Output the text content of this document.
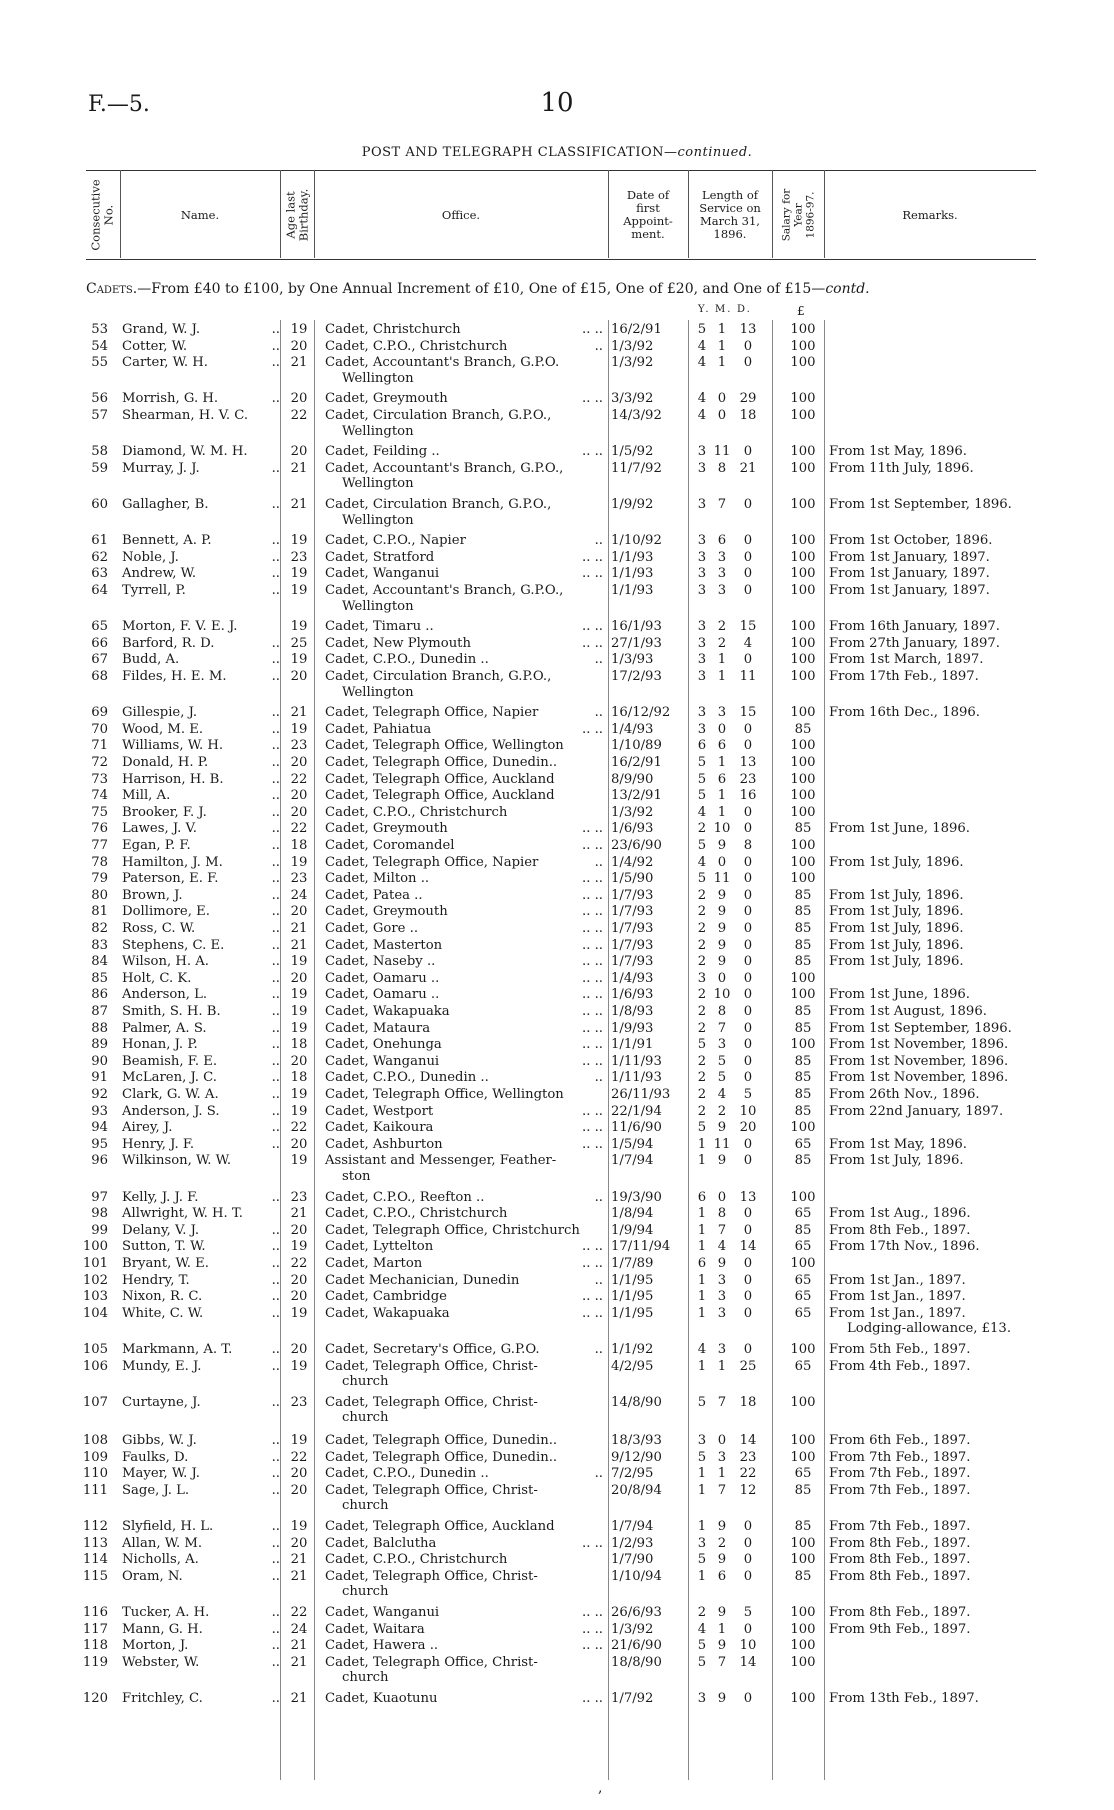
F.—5.	10
POST AND TELEGRAPH CLASSIFICATION—continued.
Consecutive
No.	Name.
Age last
Birthday.	Office.
Date of first Appoint- ment.
Length of Service on March 31, 1896.	Salary for
Year
1896-97.	Remarks.
Cadets.—From £40 to £100, by One Annual Increment of £10, One of £15, One of £20, and One of £15—contd.
Y. M. D.	£
53 Grand, W. J.	.. 19	Cadet, Christchurch	.. .. 16/2/91	5 1	13	100
54 Cotter, W.	.. 20	Cadet, C.P.O., Christchurch	.. 1/3/92	4 1	0	100
55 Carter, W. H.	.. 21	Cadet, Accountant's Branch, G.P.O.	1/3/92	4 1	0	100
Wellington
56 Morrish, G. H.	.. 20	Cadet, Greymouth	.. .. 3/3/92	4 0	29	100
57 Shearman, H. V. C.	22	Cadet, Circulation Branch, G.P.O.,	14/3/92	4 0	18	100
Wellington
58 Diamond, W. M. H.	20	Cadet, Feilding ..	.. .. 1/5/92	3 11	0	100	From 1st May, 1896.
59 Murray, J. J.	.. 21	Cadet, Accountant's Branch, G.P.O.,	11/7/92	3 8	21	100	From 11th July, 1896.
Wellington
60 Gallagher, B.	.. 21	Cadet, Circulation Branch, G.P.O.,	1/9/92	3 7	0	100	From 1st September, 1896.
Wellington
61 Bennett, A. P.	.. 19	Cadet, C.P.O., Napier	.. 1/10/92	3 6	0	100	From 1st October, 1896.
62 Noble, J.	.. 23	Cadet, Stratford	.. .. 1/1/93	3 3	0	100	From 1st January, 1897.
63 Andrew, W.	.. 19	Cadet, Wanganui	.. .. 1/1/93	3 3	0	100	From 1st January, 1897.
64 Tyrrell, P.	.. 19	Cadet, Accountant's Branch, G.P.O.,	1/1/93	3 3	0	100	From 1st January, 1897.
Wellington
65 Morton, F. V. E. J.	19	Cadet, Timaru ..	.. .. 16/1/93	3 2	15	100	From 16th January, 1897.
66 Barford, R. D.	.. 25	Cadet, New Plymouth	.. .. 27/1/93	3 2	4	100	From 27th January, 1897.
67 Budd, A.	.. 19	Cadet, C.P.O., Dunedin ..	.. 1/3/93	3 1	0	100	From 1st March, 1897.
68 Fildes, H. E. M.	.. 20	Cadet, Circulation Branch, G.P.O.,	17/2/93	3 1	11	100	From 17th Feb., 1897.
Wellington
69 Gillespie, J.	.. 21	Cadet, Telegraph Office, Napier	.. 16/12/92	3 3	15	100	From 16th Dec., 1896.
70 Wood, M. E.	.. 19	Cadet, Pahiatua	.. .. 1/4/93	3 0	0	85
71 Williams, W. H.	.. 23	Cadet, Telegraph Office, Wellington	1/10/89	6 6	0	100
72 Donald, H. P.	.. 20	Cadet, Telegraph Office, Dunedin..	16/2/91	5 1	13	100
73 Harrison, H. B.	.. 22	Cadet, Telegraph Office, Auckland	8/9/90	5 6	23	100
74 Mill, A.	.. 20	Cadet, Telegraph Office, Auckland	13/2/91	5 1	16	100
75 Brooker, F. J.	.. 20	Cadet, C.P.O., Christchurch	1/3/92	4 1	0	100
76 Lawes, J. V.	.. 22	Cadet, Greymouth	.. .. 1/6/93	2 10	0	85	From 1st June, 1896.
77 Egan, P. F.	.. 18	Cadet, Coromandel	.. .. 23/6/90	5 9	8	100
78 Hamilton, J. M.	.. 19	Cadet, Telegraph Office, Napier	.. 1/4/92	4 0	0	100	From 1st July, 1896.
79 Paterson, E. F.	.. 23	Cadet, Milton ..	.. .. 1/5/90	5 11	0	100
80 Brown, J.	.. 24	Cadet, Patea ..	.. .. 1/7/93	2 9	0	85	From 1st July, 1896.
81 Dollimore, E.	.. 20	Cadet, Greymouth	.. .. 1/7/93	2 9	0	85	From 1st July, 1896.
82 Ross, C. W.	.. 21	Cadet, Gore ..	.. .. 1/7/93	2 9	0	85	From 1st July, 1896.
83 Stephens, C. E.	.. 21	Cadet, Masterton	.. .. 1/7/93	2 9	0	85	From 1st July, 1896.
84 Wilson, H. A.	.. 19	Cadet, Naseby ..	.. .. 1/7/93	2 9	0	85	From 1st July, 1896.
85 Holt, C. K.	.. 20	Cadet, Oamaru ..	.. .. 1/4/93	3 0	0	100
86 Anderson, L.	.. 19	Cadet, Oamaru ..	.. .. 1/6/93	2 10	0	100	From 1st June, 1896.
87 Smith, S. H. B.	.. 19	Cadet, Wakapuaka	.. .. 1/8/93	2 8	0	85	From 1st August, 1896.
88 Palmer, A. S.	.. 19	Cadet, Mataura	.. .. 1/9/93	2 7	0	85	From 1st September, 1896.
89 Honan, J. P.	.. 18	Cadet, Onehunga	.. .. 1/1/91	5 3	0	100	From 1st November, 1896.
90 Beamish, F. E.	.. 20	Cadet, Wanganui	.. .. 1/11/93	2 5	0	85	From 1st November, 1896.
91 McLaren, J. C.	.. 18	Cadet, C.P.O., Dunedin ..	.. 1/11/93	2 5	0	85	From 1st November, 1896.
92 Clark, G. W. A.	.. 19	Cadet, Telegraph Office, Wellington	26/11/93	2 4	5	85	From 26th Nov., 1896.
93 Anderson, J. S.	.. 19	Cadet, Westport	.. .. 22/1/94	2 2	10	85	From 22nd January, 1897.
94 Airey, J.	.. 22	Cadet, Kaikoura	.. .. 11/6/90	5 9	20	100
95 Henry, J. F.	.. 20	Cadet, Ashburton	.. .. 1/5/94	1 11	0	65	From 1st May, 1896.
96 Wilkinson, W. W.	19	Assistant and Messenger, Feather-	1/7/94	1 9	0	85	From 1st July, 1896.
ston
97 Kelly, J. J. F.	.. 23	Cadet, C.P.O., Reefton ..	.. 19/3/90	6 0	13	100
98 Allwright, W. H. T.	21	Cadet, C.P.O., Christchurch	1/8/94	1 8	0	65	From 1st Aug., 1896.
99 Delany, V. J.	.. 20	Cadet, Telegraph Office, Christchurch	1/9/94	1 7	0	85	From 8th Feb., 1897.
100 Sutton, T. W.	.. 19	Cadet, Lyttelton	.. .. 17/11/94	1 4	14	65	From 17th Nov., 1896.
101 Bryant, W. E.	.. 22	Cadet, Marton	.. .. 1/7/89	6 9	0	100
102 Hendry, T.	.. 20	Cadet Mechanician, Dunedin	.. 1/1/95	1 3	0	65	From 1st Jan., 1897.
103 Nixon, R. C.	.. 20	Cadet, Cambridge	.. .. 1/1/95	1 3	0	65	From 1st Jan., 1897.
104 White, C. W.	.. 19	Cadet, Wakapuaka	.. .. 1/1/95	1 3	0	65	From 1st Jan., 1897.
Lodging-allowance, £13.
105 Markmann, A. T.	.. 20	Cadet, Secretary's Office, G.P.O.	.. 1/1/92	4 3	0	100	From 5th Feb., 1897.
106 Mundy, E. J.	.. 19	Cadet, Telegraph Office, Christ-	4/2/95	1 1	25	65	From 4th Feb., 1897.
church
107 Curtayne, J.	.. 23	Cadet, Telegraph Office, Christ-	14/8/90	5 7	18	100
church
108 Gibbs, W. J.	.. 19	Cadet, Telegraph Office, Dunedin..	18/3/93	3 0	14	100	From 6th Feb., 1897.
109 Faulks, D.	.. 22	Cadet, Telegraph Office, Dunedin..	9/12/90	5 3	23	100	From 7th Feb., 1897.
110 Mayer, W. J.	.. 20	Cadet, C.P.O., Dunedin ..	.. 7/2/95	1 1	22	65	From 7th Feb., 1897.
111 Sage, J. L.	.. 20	Cadet, Telegraph Office, Christ-	20/8/94	1 7	12	85	From 7th Feb., 1897.
church
112 Slyfield, H. L.	.. 19	Cadet, Telegraph Office, Auckland	1/7/94	1 9	0	85	From 7th Feb., 1897.
113 Allan, W. M.	.. 20	Cadet, Balclutha	.. .. 1/2/93	3 2	0	100	From 8th Feb., 1897.
114 Nicholls, A.	.. 21	Cadet, C.P.O., Christchurch	1/7/90	5 9	0	100	From 8th Feb., 1897.
115 Oram, N.	.. 21	Cadet, Telegraph Office, Christ-	1/10/94	1 6	0	85	From 8th Feb., 1897.
church
116 Tucker, A. H.	.. 22	Cadet, Wanganui	.. .. 26/6/93	2 9	5	100	From 8th Feb., 1897.
117 Mann, G. H.	.. 24	Cadet, Waitara	.. .. 1/3/92	4 1	0	100	From 9th Feb., 1897.
118 Morton, J.	.. 21	Cadet, Hawera ..	.. .. 21/6/90	5 9	10	100
119 Webster, W.	.. 21	Cadet, Telegraph Office, Christ-	18/8/90	5 7	14	100
church
120 Fritchley, C.	.. 21	Cadet, Kuaotunu	.. .. 1/7/92	3 9	0	100	From 13th Feb., 1897.
,
